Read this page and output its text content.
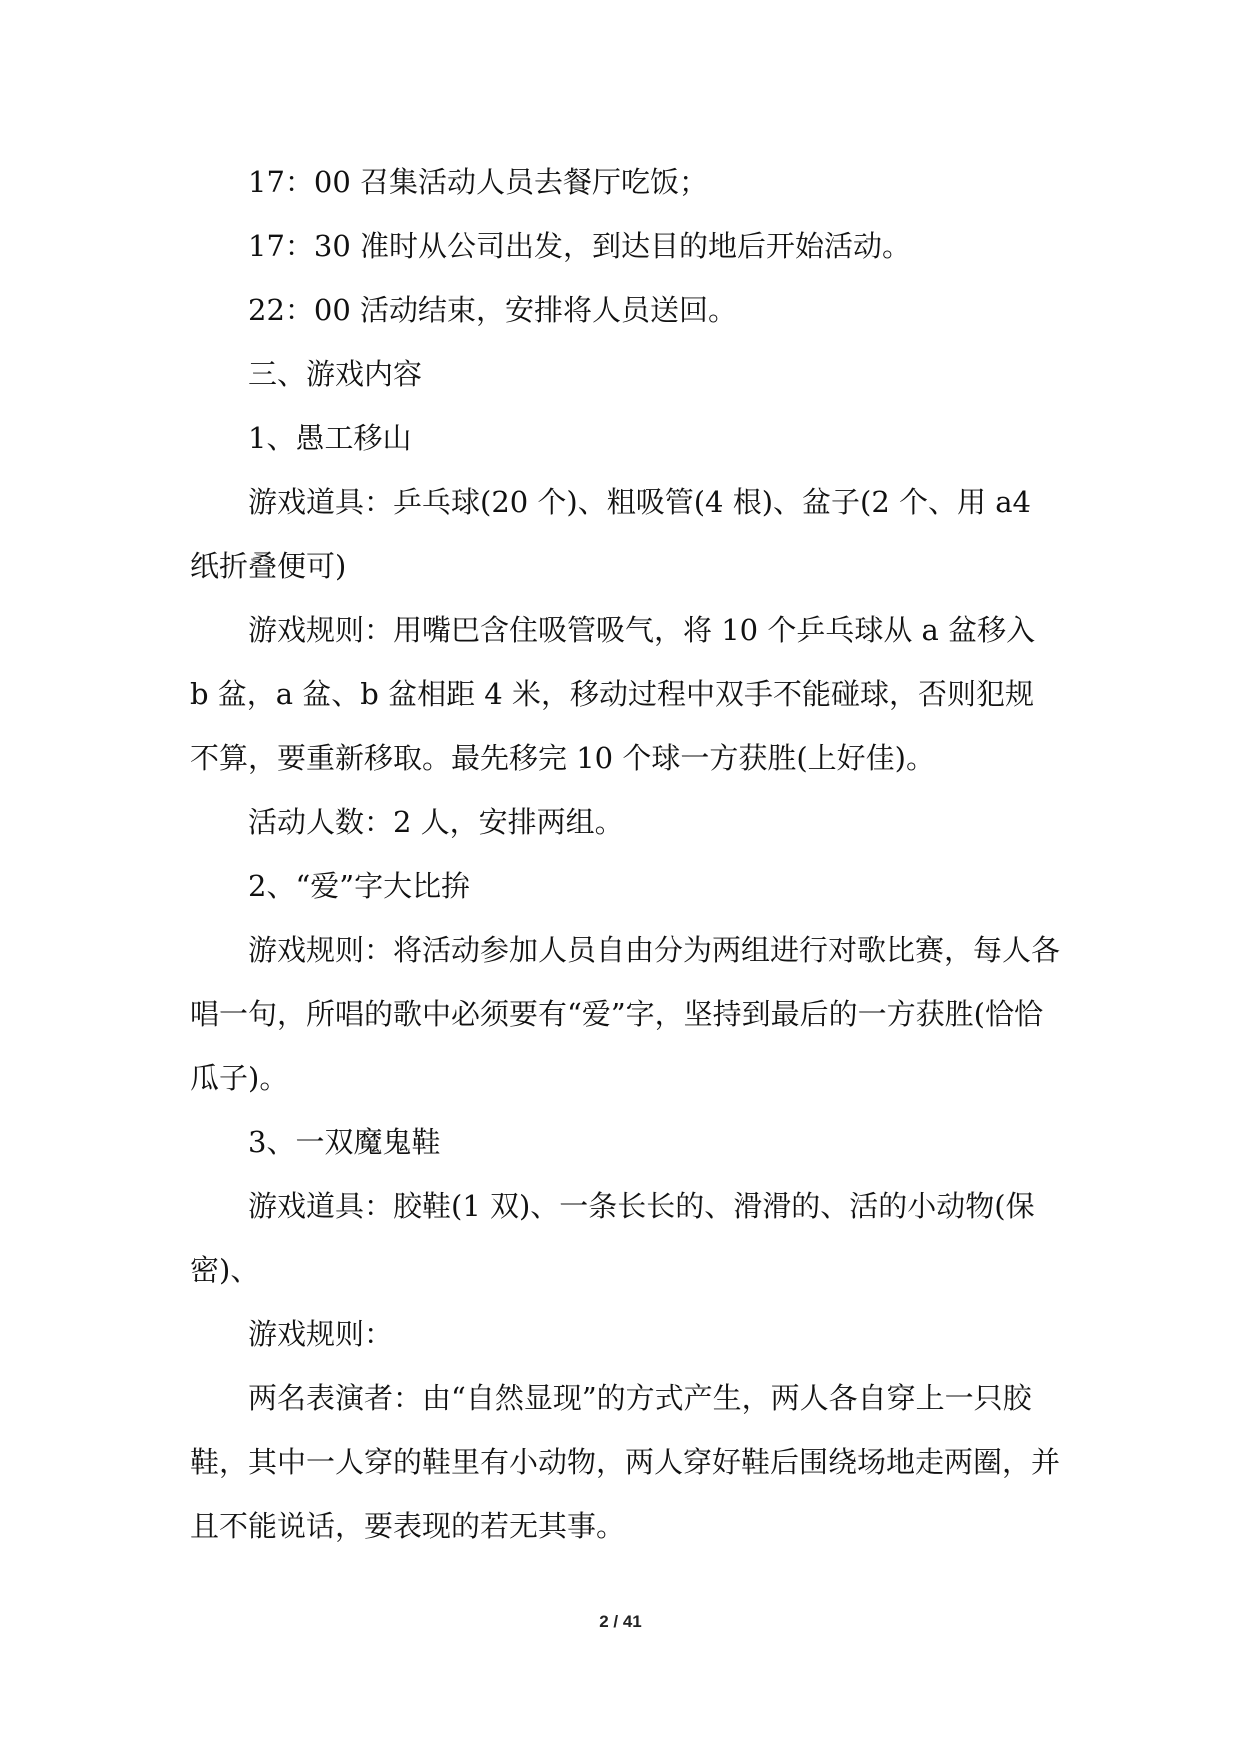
17：00 召集活动人员去餐厅吃饭；

17：30 准时从公司出发，到达目的地后开始活动。

22：00 活动结束，安排将人员送回。

三、游戏内容

1、愚工移山

游戏道具：乒乓球(20 个)、粗吸管(4 根)、盆子(2 个、用 a4 纸折叠便可)

游戏规则：用嘴巴含住吸管吸气，将 10 个乒乓球从 a 盆移入 b 盆，a 盆、b 盆相距 4 米，移动过程中双手不能碰球，否则犯规不算，要重新移取。最先移完 10 个球一方获胜(上好佳)。

活动人数：2 人，安排两组。

2、“爱”字大比拚

游戏规则：将活动参加人员自由分为两组进行对歌比赛，每人各唱一句，所唱的歌中必须要有“爱”字，坚持到最后的一方获胜(恰恰瓜子)。

3、一双魔鬼鞋

游戏道具：胶鞋(1 双)、一条长长的、滑滑的、活的小动物(保密)、

游戏规则：

两名表演者：由“自然显现”的方式产生，两人各自穿上一只胶鞋，其中一人穿的鞋里有小动物，两人穿好鞋后围绕场地走两圈，并且不能说话，要表现的若无其事。

2 / 41
